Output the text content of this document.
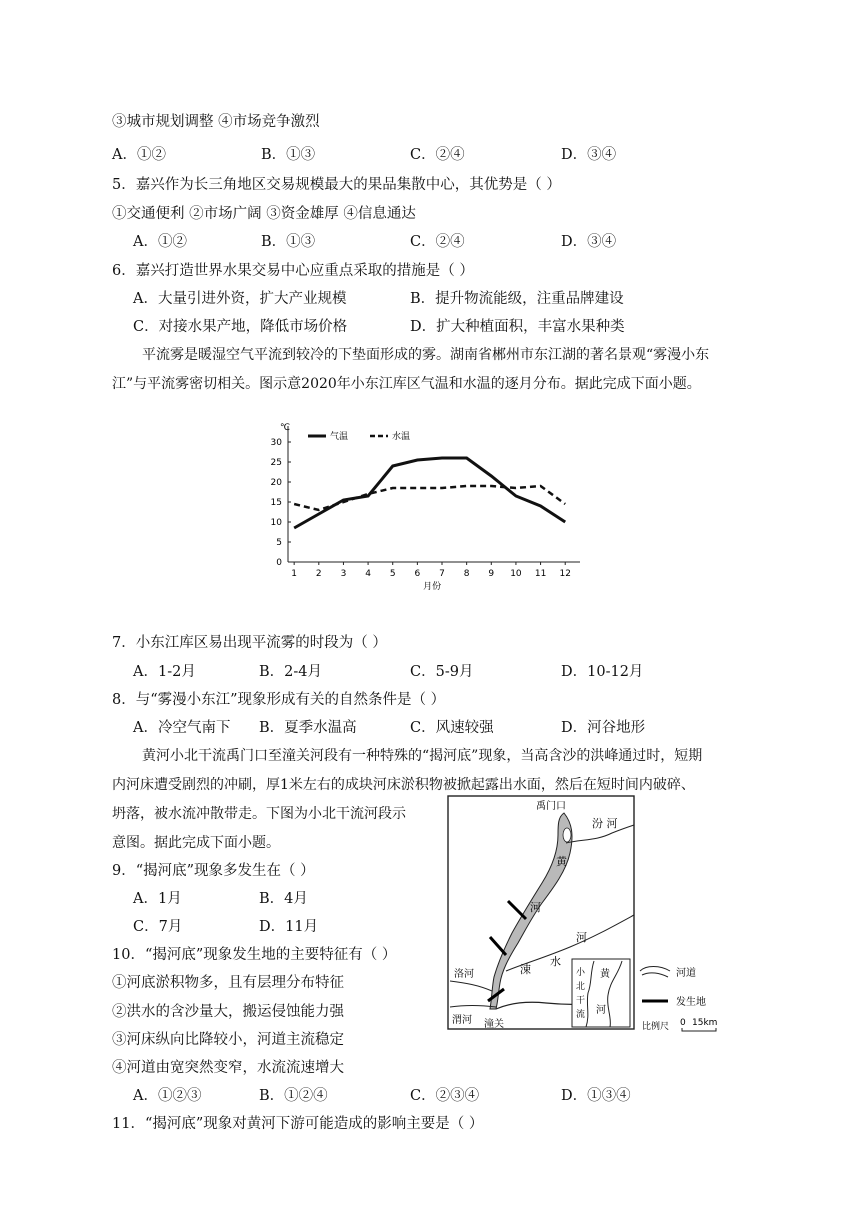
③城市规划调整 ④市场竞争激烈
A．①②	B．①③	C．②④	D．③④
5．嘉兴作为长三角地区交易规模最大的果品集散中心，其优势是（ ）
①交通便利 ②市场广阔 ③资金雄厚 ④信息通达
A．①②	B．①③	C．②④	D．③④
6．嘉兴打造世界水果交易中心应重点采取的措施是（ ）
A．大量引进外资，扩大产业规模	B．提升物流能级，注重品牌建设
C．对接水果产地，降低市场价格	D．扩大种植面积，丰富水果种类
平流雾是暖湿空气平流到较冷的下垫面形成的雾。湖南省郴州市东江湖的著名景观“雾漫小东
江”与平流雾密切相关。图示意2020年小东江库区气温和水温的逐月分布。据此完成下面小题。
℃
0
5
10
15
20
25
30
1 2 3 4 5 6 7 8 9 10 11 12
月份
气温	水温
7．小东江库区易出现平流雾的时段为（ ）
A．1-2月	B．2-4月	C．5-9月	D．10-12月
8．与“雾漫小东江”现象形成有关的自然条件是（ ）
A．冷空气南下 B．夏季水温高	C．风速较强	D．河谷地形
黄河小北干流禹门口至潼关河段有一种特殊的“揭河底”现象，当高含沙的洪峰通过时，短期
内河床遭受剧烈的冲刷，厚1米左右的成块河床淤积物被掀起露出水面，然后在短时间内破碎、
坍落，被水流冲散带走。下图为小北干流河段示
意图。据此完成下面小题。
9．“揭河底”现象多发生在（ ）
A．1月	B．4月
C．7月	D．11月
10．“揭河底”现象发生地的主要特征有（ ）
①河底淤积物多，且有层理分布特征
②洪水的含沙量大，搬运侵蚀能力强
③河床纵向比降较小，河道主流稳定
④河道由宽突然变窄，水流流速增大
A．①②③	B．①②④	C．②③④	D．①③④
11．“揭河底”现象对黄河下游可能造成的影响主要是（ ）
禹门口
汾 河
黄
河
河
涑
水
洛河
渭河 潼关
小
北
干
流
黄
河
河道
发生地
比例尺 0 15km
